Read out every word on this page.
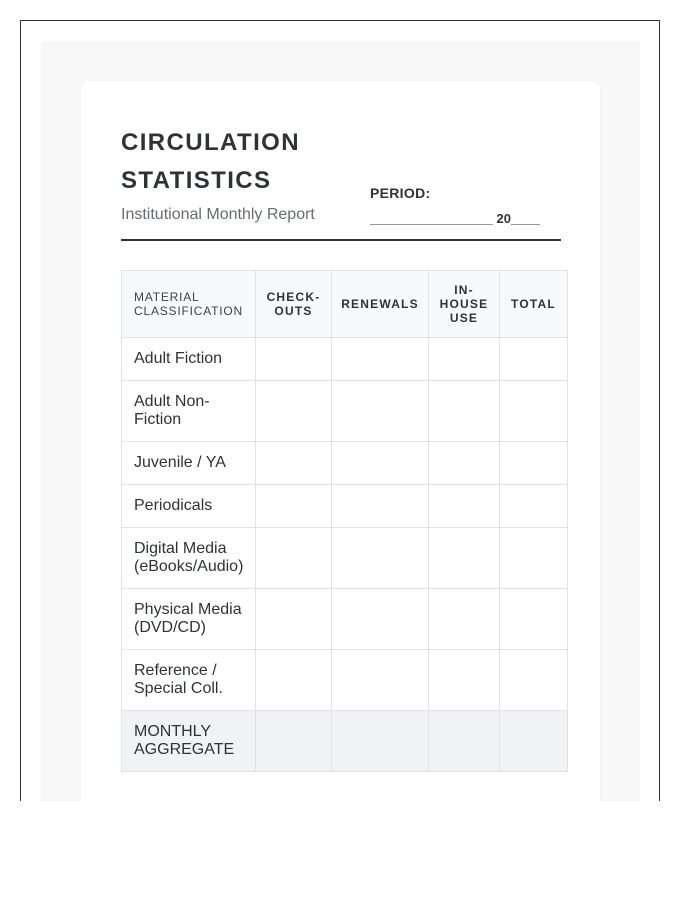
CIRCULATION STATISTICS
Institutional Monthly Report
PERIOD:
_________________ 20____
MATERIAL CLASSIFICATION	CHECK-OUTS	RENEWALS	IN-HOUSE USE	TOTAL
Adult Fiction				
Adult Non-Fiction				
Juvenile / YA				
Periodicals				
Digital Media (eBooks/Audio)				
Physical Media (DVD/CD)				
Reference / Special Coll.				
MONTHLY AGGREGATE				
